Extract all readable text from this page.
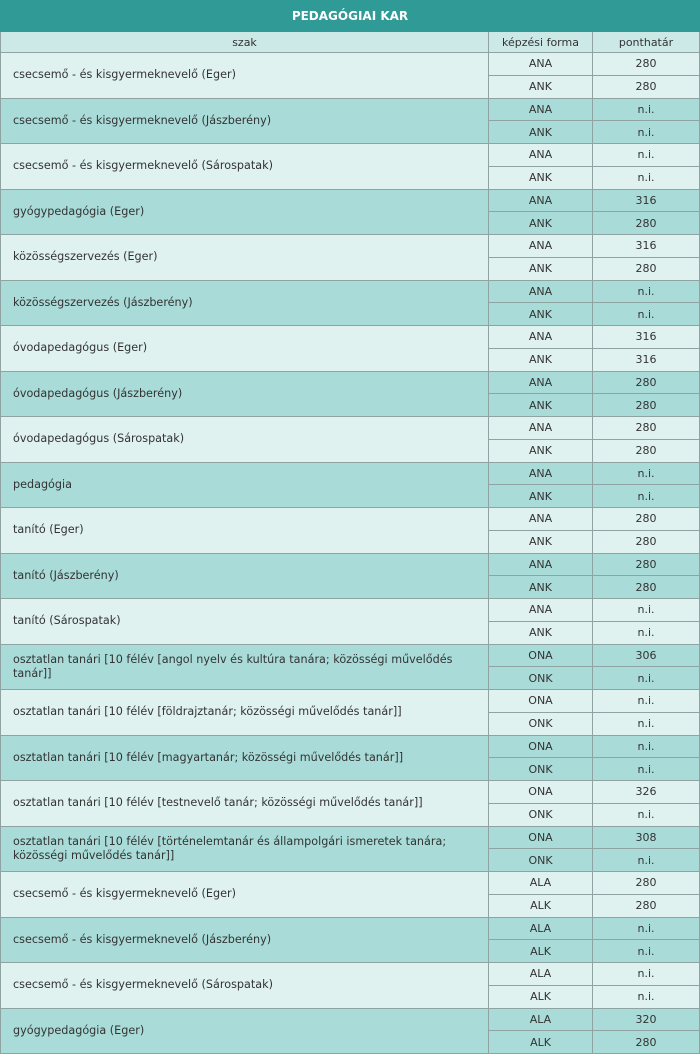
PEDAGÓGIAI KAR
szak	képzési forma	ponthatár
csecsemő - és kisgyermeknevelő (Eger)
ANA	280
ANK	280
csecsemő - és kisgyermeknevelő (Jászberény)
ANA	n.i.
ANK	n.i.
csecsemő - és kisgyermeknevelő (Sárospatak)
ANA	n.i.
ANK	n.i.
gyógypedagógia (Eger)
ANA	316
ANK	280
közösségszervezés (Eger)
ANA	316
ANK	280
közösségszervezés (Jászberény)
ANA	n.i.
ANK	n.i.
óvodapedagógus (Eger)
ANA	316
ANK	316
óvodapedagógus (Jászberény)
ANA	280
ANK	280
óvodapedagógus (Sárospatak)
ANA	280
ANK	280
pedagógia
ANA	n.i.
ANK	n.i.
tanító (Eger)
ANA	280
ANK	280
tanító (Jászberény)
ANA	280
ANK	280
tanító (Sárospatak)
ANA	n.i.
ANK	n.i.
osztatlan tanári [10 félév [angol nyelv és kultúra tanára; közösségi művelődés tanár]]
ONA	306
ONK	n.i.
osztatlan tanári [10 félév [földrajztanár; közösségi művelődés tanár]]
ONA	n.i.
ONK	n.i.
osztatlan tanári [10 félév [magyartanár; közösségi művelődés tanár]]
ONA	n.i.
ONK	n.i.
osztatlan tanári [10 félév [testnevelő tanár; közösségi művelődés tanár]]
ONA	326
ONK	n.i.
osztatlan tanári [10 félév [történelemtanár és állampolgári ismeretek tanára; közösségi művelődés tanár]]
ONA	308
ONK	n.i.
csecsemő - és kisgyermeknevelő (Eger)
ALA	280
ALK	280
csecsemő - és kisgyermeknevelő (Jászberény)
ALA	n.i.
ALK	n.i.
csecsemő - és kisgyermeknevelő (Sárospatak)
ALA	n.i.
ALK	n.i.
gyógypedagógia (Eger)
ALA	320
ALK	280
